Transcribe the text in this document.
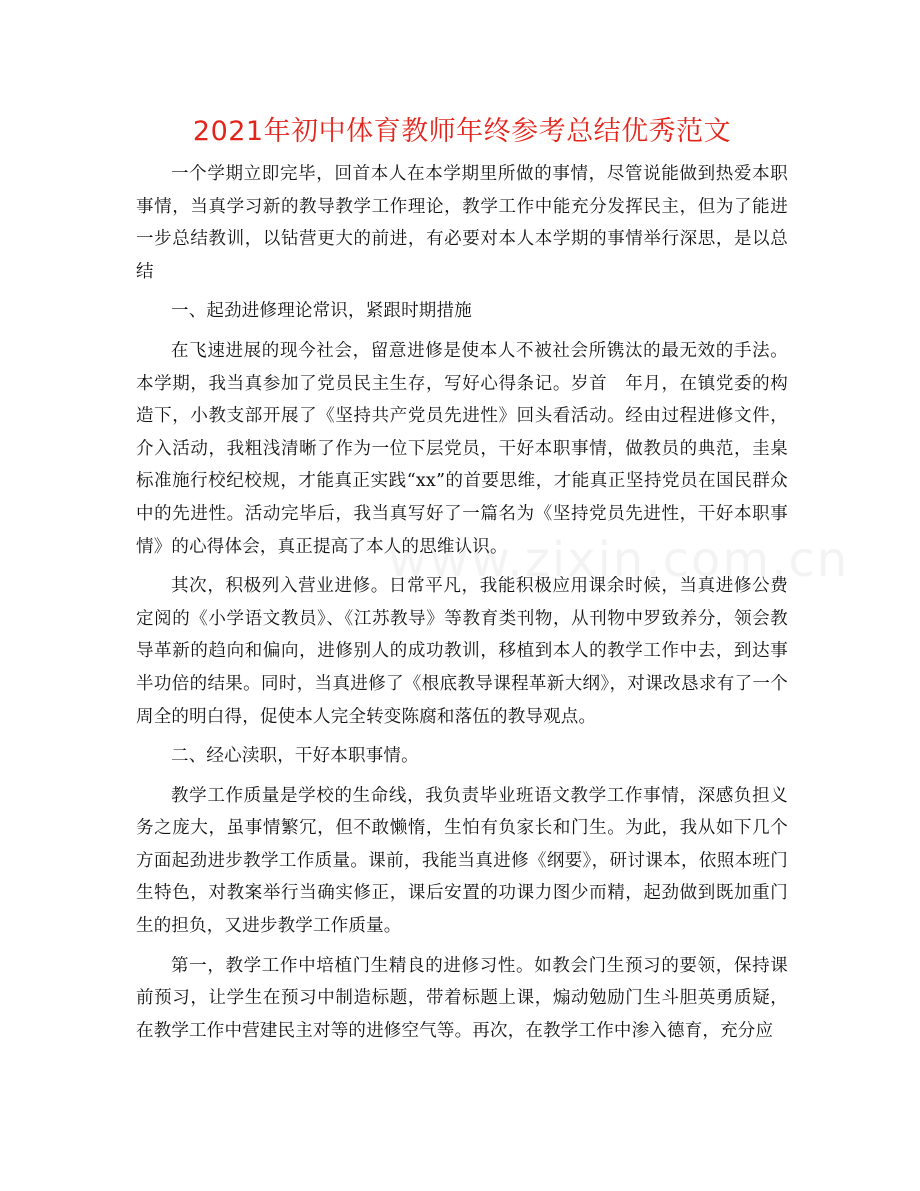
2021年初中体育教师年终参考总结优秀范文

一个学期立即完毕，回首本人在本学期里所做的事情，尽管说能做到热爱本职事情，当真学习新的教导教学工作理论，教学工作中能充分发挥民主，但为了能进一步总结教训，以钻营更大的前进，有必要对本人本学期的事情举行深思，是以总结

一、起劲进修理论常识，紧跟时期措施

在飞速进展的现今社会，留意进修是使本人不被社会所镌汰的最无效的手法。本学期，我当真参加了党员民主生存，写好心得条记。岁首　年月，在镇党委的构造下，小教支部开展了《坚持共产党员先进性》回头看活动。经由过程进修文件，介入活动，我粗浅清晰了作为一位下层党员，干好本职事情，做教员的典范，圭臬标准施行校纪校规，才能真正实践“xx”的首要思维，才能真正坚持党员在国民群众中的先进性。活动完毕后，我当真写好了一篇名为《坚持党员先进性，干好本职事情》的心得体会，真正提高了本人的思维认识。

其次，积极列入营业进修。日常平凡，我能积极应用课余时候，当真进修公费定阅的《小学语文教员》、《江苏教导》等教育类刊物，从刊物中罗致养分，领会教导革新的趋向和偏向，进修别人的成功教训，移植到本人的教学工作中去，到达事半功倍的结果。同时，当真进修了《根底教导课程革新大纲》，对课改恳求有了一个周全的明白得，促使本人完全转变陈腐和落伍的教导观点。

二、经心渎职，干好本职事情。

教学工作质量是学校的生命线，我负责毕业班语文教学工作事情，深感负担义务之庞大，虽事情繁冗，但不敢懒惰，生怕有负家长和门生。为此，我从如下几个方面起劲进步教学工作质量。课前，我能当真进修《纲要》，研讨课本，依照本班门生特色，对教案举行当确实修正，课后安置的功课力图少而精，起劲做到既加重门生的担负，又进步教学工作质量。

第一，教学工作中培植门生精良的进修习性。如教会门生预习的要领，保持课前预习，让学生在预习中制造标题，带着标题上课，煽动勉励门生斗胆英勇质疑，在教学工作中营建民主对等的进修空气等。再次，在教学工作中渗入德育，充分应
